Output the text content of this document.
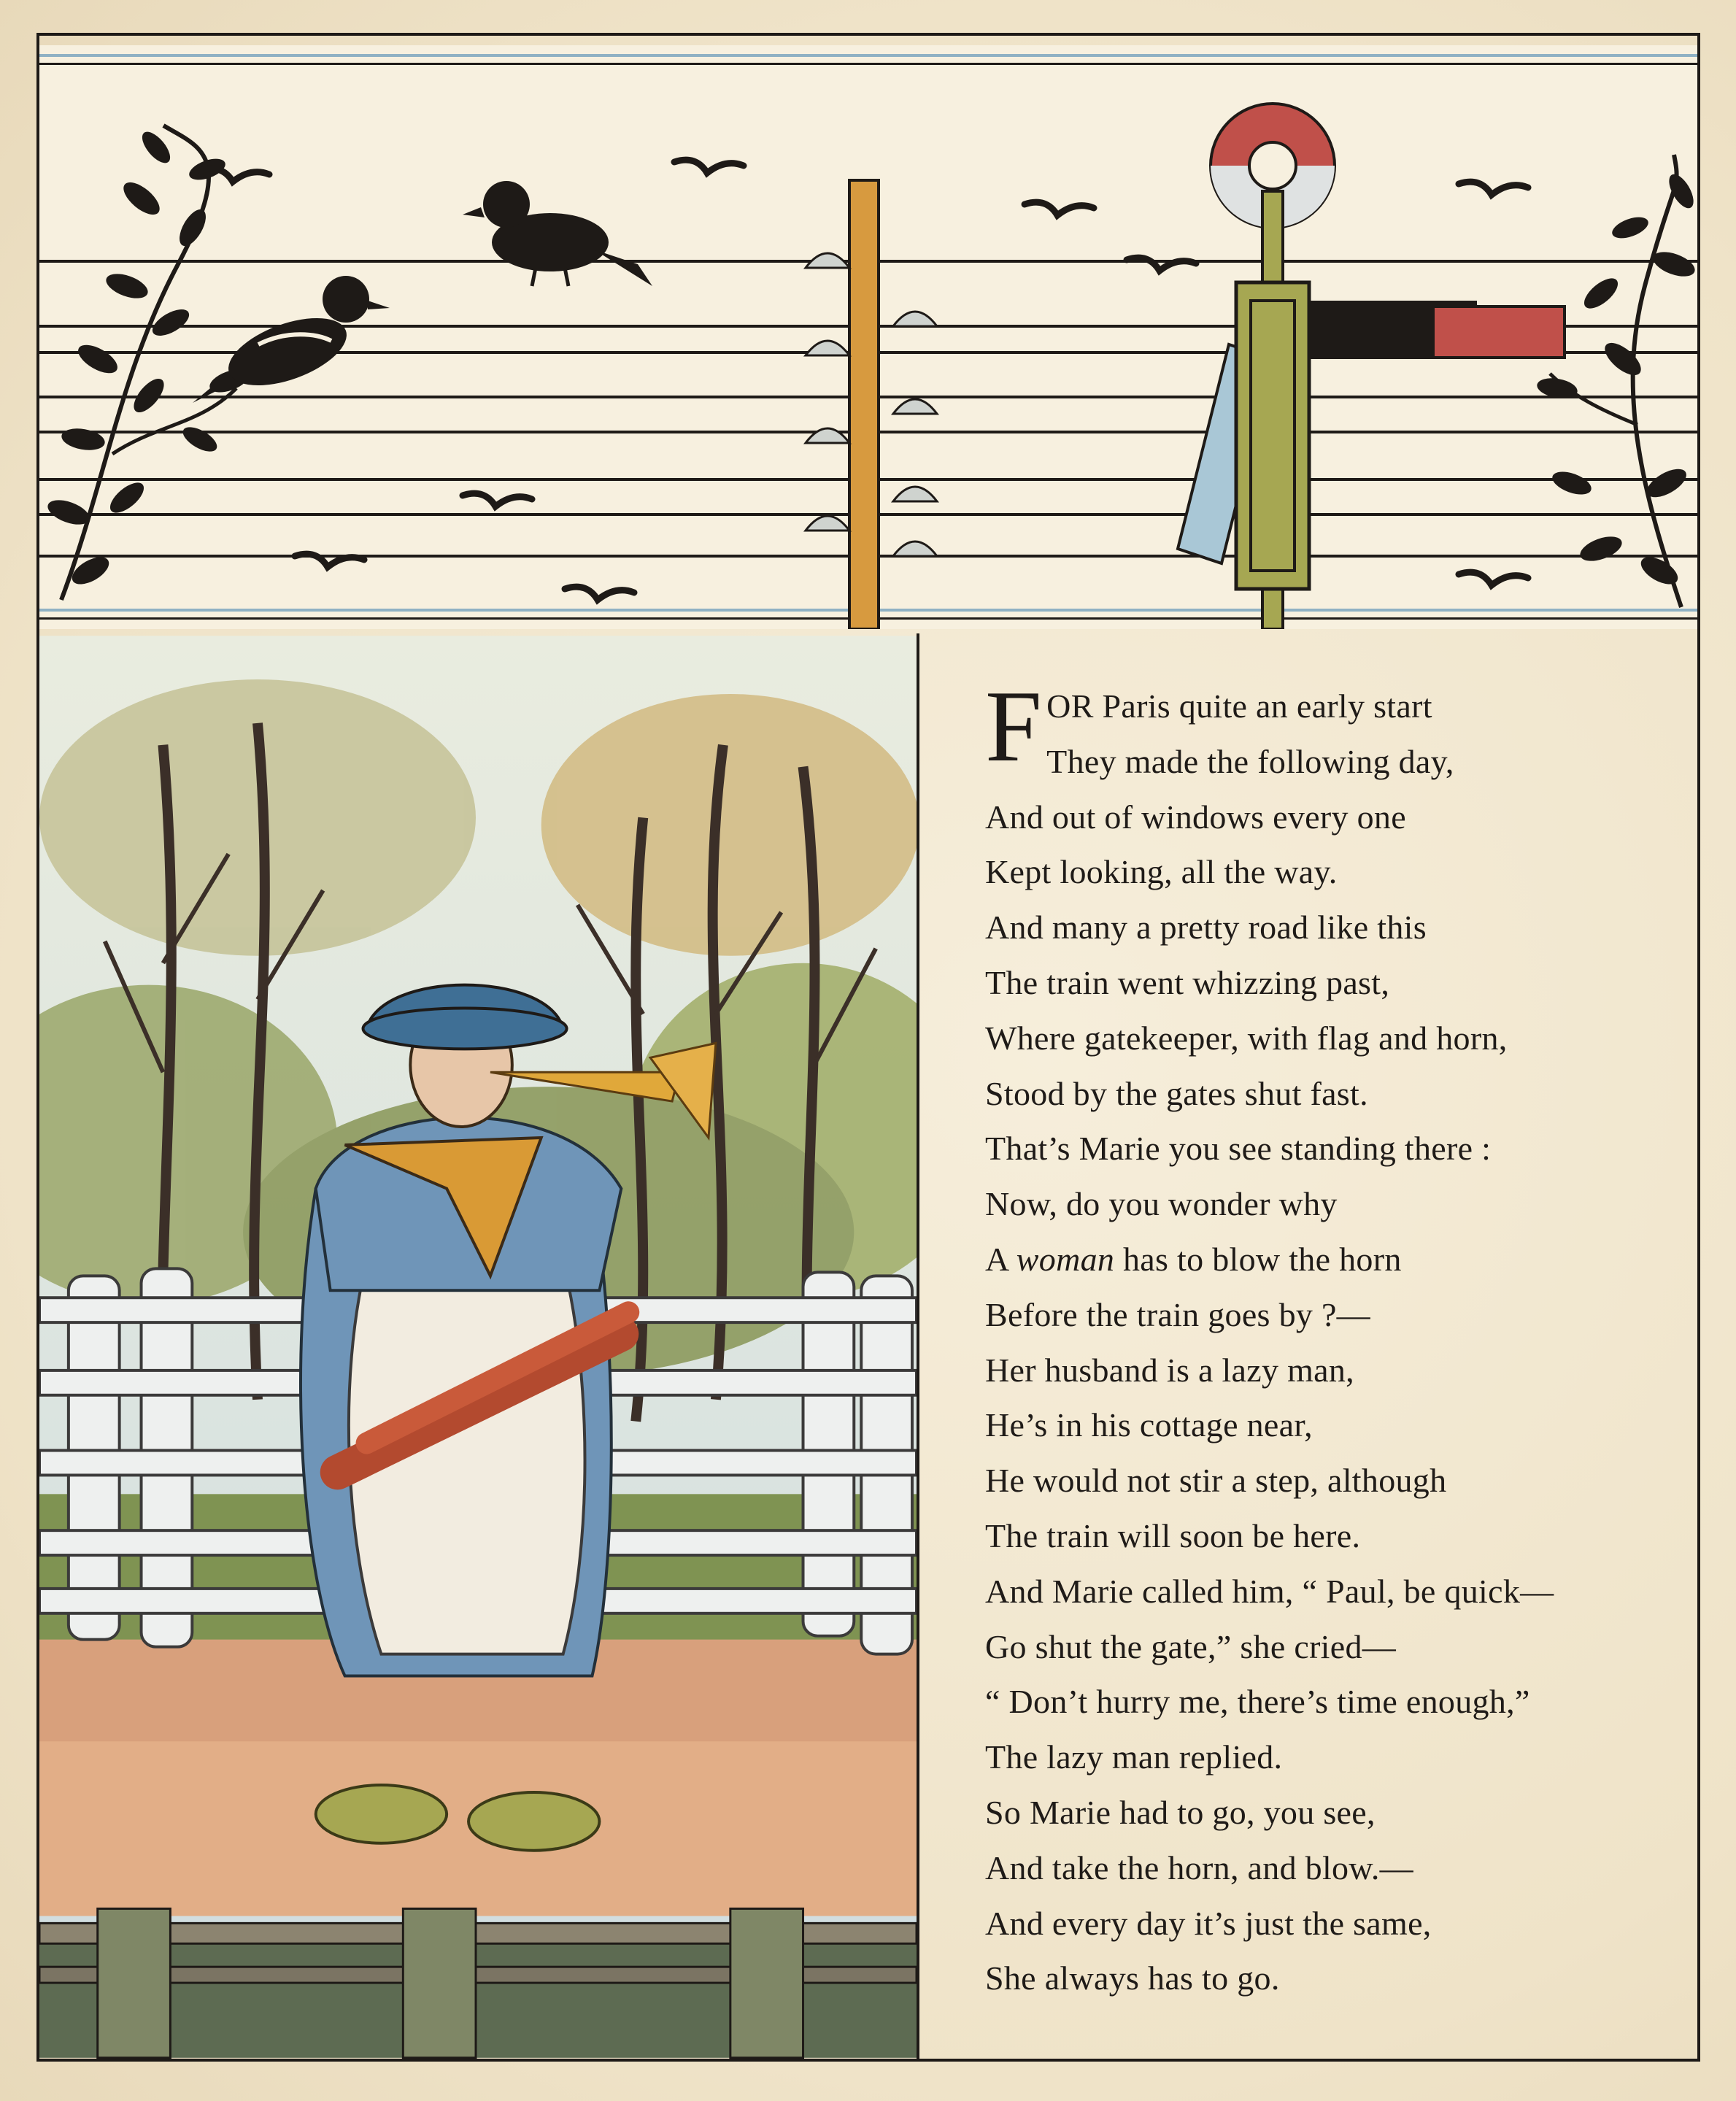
F OR Paris quite an early start
They made the following day,
And out of windows every one
Kept looking, all the way.
And many a pretty road like this
The train went whizzing past,
Where gatekeeper, with flag and horn,
Stood by the gates shut fast.
That’s Marie you see standing there :
Now, do you wonder why
A woman has to blow the horn
Before the train goes by ?—
Her husband is a lazy man,
He’s in his cottage near,
He would not stir a step, although
The train will soon be here.
And Marie called him, “ Paul, be quick—
Go shut the gate,” she cried—
“ Don’t hurry me, there’s time enough,”
The lazy man replied.
So Marie had to go, you see,
And take the horn, and blow.—
And every day it’s just the same,
She always has to go.
